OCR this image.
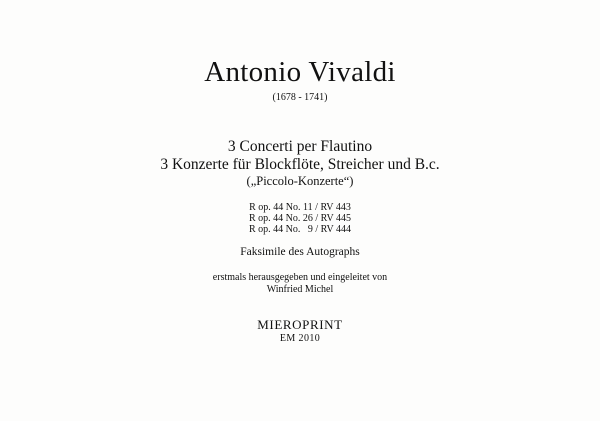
Antonio Vivaldi
(1678 - 1741)
3 Concerti per Flautino
3 Konzerte für Blockflöte, Streicher und B.c.
(„Piccolo-Konzerte“)
R op. 44 No. 11 / RV 443
R op. 44 No. 26 / RV 445
R op. 44 No.   9 / RV 444
Faksimile des Autographs
erstmals herausgegeben und eingeleitet von
Winfried Michel
MIEROPRINT
EM 2010
